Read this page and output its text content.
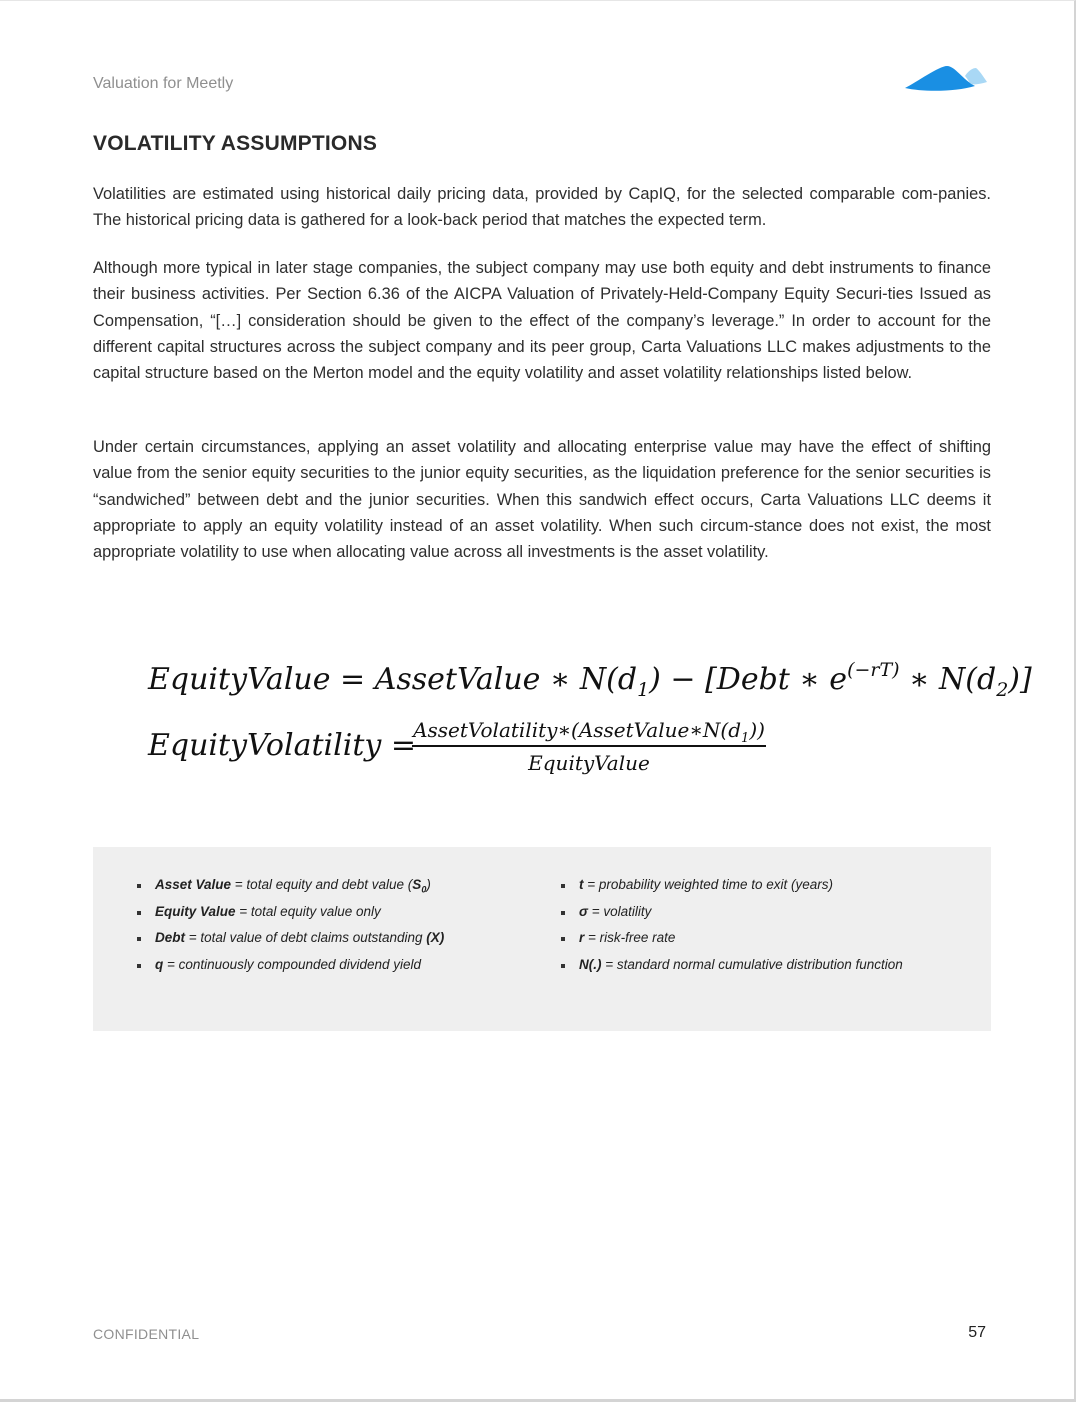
Valuation for Meetly
VOLATILITY ASSUMPTIONS

Volatilities are estimated using historical daily pricing data, provided by CapIQ, for the selected comparable com-panies. The historical pricing data is gathered for a look-back period that matches the expected term.

Although more typical in later stage companies, the subject company may use both equity and debt instruments to finance their business activities. Per Section 6.36 of the AICPA Valuation of Privately-Held-Company Equity Securi-ties Issued as Compensation, “[…] consideration should be given to the effect of the company’s leverage.” In order to account for the different capital structures across the subject company and its peer group, Carta Valuations LLC makes adjustments to the capital structure based on the Merton model and the equity volatility and asset volatility relationships listed below.

Under certain circumstances, applying an asset volatility and allocating enterprise value may have the effect of shifting value from the senior equity securities to the junior equity securities, as the liquidation preference for the senior securities is “sandwiched” between debt and the junior securities. When this sandwich effect occurs, Carta Valuations LLC deems it appropriate to apply an equity volatility instead of an asset volatility. When such circum-stance does not exist, the most appropriate volatility to use when allocating value across all investments is the asset volatility.

EquityValue = AssetValue ∗ $N(d_1)$ − [Debt ∗ $e^{(-rT)}$ ∗ $N(d_2)$]
EquityVolatility =
$AssetVolatility∗(AssetValue∗N(d_1))$
EquityValue
Asset Value = total equity and debt value $(S_0)$
Equity Value = total equity value only
Debt = total value of debt claims outstanding (X)
q = continuously compounded dividend yield
t = probability weighted time to exit (years)
σ = volatility
r = risk-free rate
N(.) = standard normal cumulative distribution function
CONFIDENTIAL	57
